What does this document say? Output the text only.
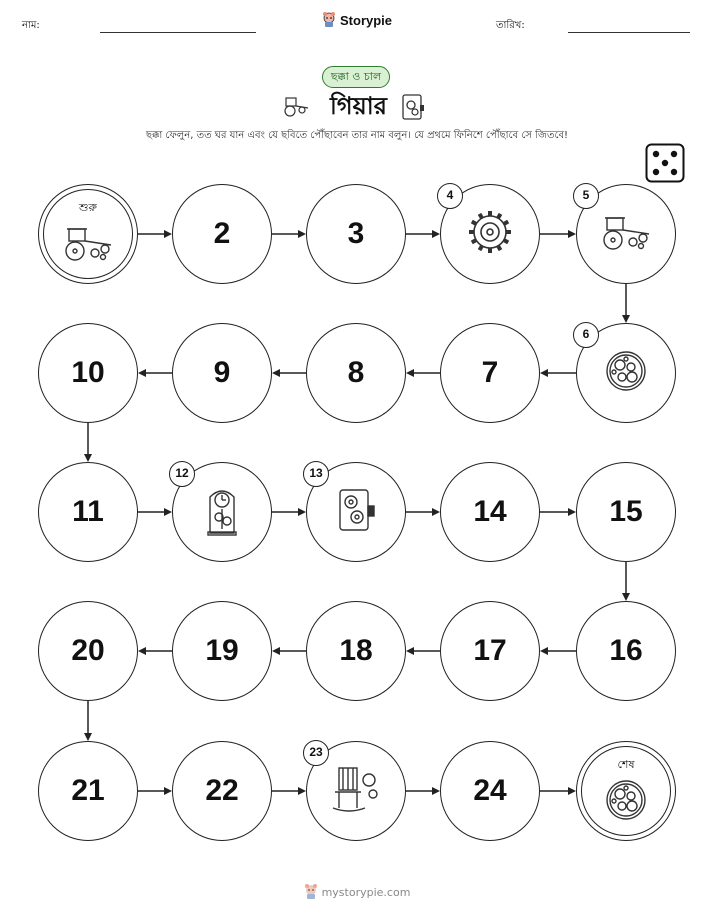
নাম:	Storypie	তারিখ:
ছক্কা ও চাল
গিয়ার
ছক্কা ফেলুন, তত ঘর যান এবং যে ছবিতে পৌঁছাবেন তার নাম বলুন। যে প্রথমে ফিনিশে পৌঁছাবে সে জিতবে!
শুরু
2	3
4	5
6
7
8
9
10
11
12	13
14	15
16
17
18
19
20
21	22
23
24
শেষ
mystorypie.com
